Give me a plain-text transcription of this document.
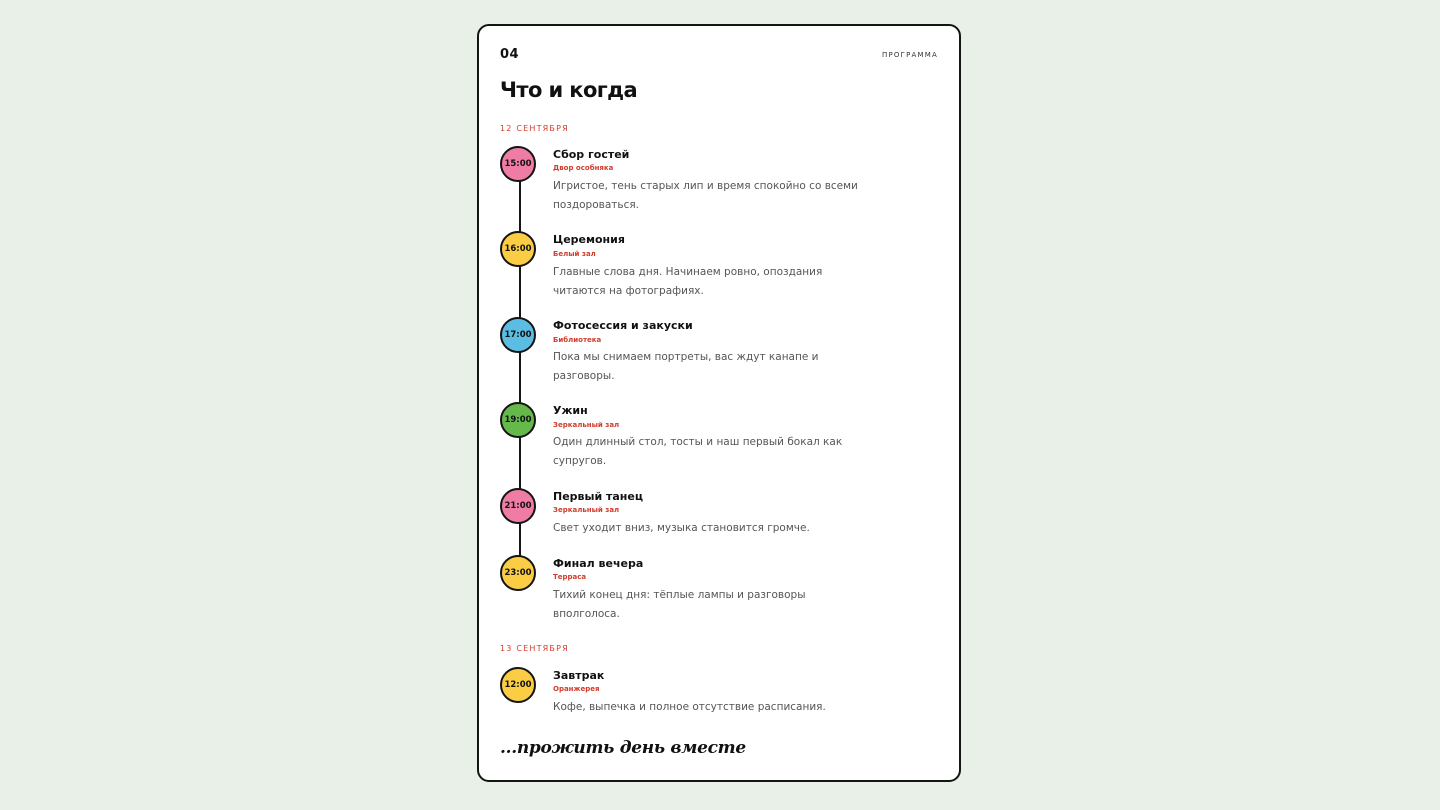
04	ПРОГРАММА
Что и когда
12 СЕНТЯБРЯ
15:00
Сбор гостей
Двор особняка
Игристое, тень старых лип и время спокойно со всеми поздороваться.
16:00
Церемония
Белый зал
Главные слова дня. Начинаем ровно, опоздания читаются на фотографиях.
17:00
Фотосессия и закуски
Библиотека
Пока мы снимаем портреты, вас ждут канапе и разговоры.
19:00
Ужин
Зеркальный зал
Один длинный стол, тосты и наш первый бокал как супругов.
21:00
Первый танец
Зеркальный зал
Свет уходит вниз, музыка становится громче.
23:00
Финал вечера
Терраса
Тихий конец дня: тёплые лампы и разговоры вполголоса.
13 СЕНТЯБРЯ
12:00
Завтрак
Оранжерея
Кофе, выпечка и полное отсутствие расписания.
...прожить день вместе
